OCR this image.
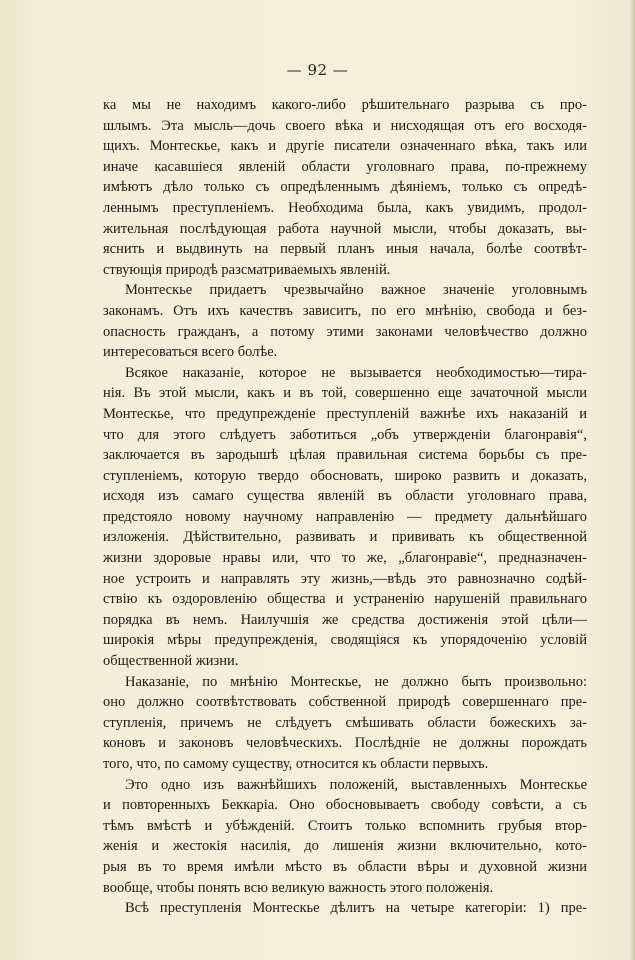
— 92 —
ка мы не находимъ какого-либо рѣшительнаго разрыва съ про-
шлымъ. Эта мысль—дочь своего вѣка и нисходящая отъ его восходя-
щихъ. Монтескье, какъ и другіе писатели означеннаго вѣка, такъ или
иначе касавшіеся явленій области уголовнаго права, по-прежнему
имѣютъ дѣло только съ опредѣленнымъ дѣяніемъ, только съ опредѣ-
леннымъ преступленіемъ. Необходима была, какъ увидимъ, продол-
жительная послѣдующая работа научной мысли, чтобы доказать, вы-
яснить и выдвинуть на первый планъ иныя начала, болѣе соотвѣт-
ствующія природѣ разсматриваемыхъ явленій.
Монтескье придаетъ чрезвычайно важное значеніе уголовнымъ
законамъ. Отъ ихъ качествъ зависитъ, по его мнѣнію, свобода и без-
опасность гражданъ, а потому этими законами человѣчество должно
интересоваться всего болѣе.
Всякое наказаніе, которое не вызывается необходимостью—тира-
нія. Въ этой мысли, какъ и въ той, совершенно еще зачаточной мысли
Монтескье, что предупрежденіе преступленій важнѣе ихъ наказаній и
что для этого слѣдуетъ заботиться „объ утвержденіи благонравія“,
заключается въ зародышѣ цѣлая правильная система борьбы съ пре-
ступленіемъ, которую твердо обосновать, широко развить и доказать,
исходя изъ самаго существа явленій въ области уголовнаго права,
предстояло новому научному направленію — предмету дальнѣйшаго
изложенія. Дѣйствительно, развивать и прививать къ общественной
жизни здоровые нравы или, что то же, „благонравіе“, предназначен-
ное устроить и направлять эту жизнь,—вѣдь это равнозначно содѣй-
ствію къ оздоровленію общества и устраненію нарушеній правильнаго
порядка въ немъ. Наилучшія же средства достиженія этой цѣли—
широкія мѣры предупрежденія, сводящіяся къ упорядоченію условій
общественной жизни.
Наказаніе, по мнѣнію Монтескье, не должно быть произвольно:
оно должно соотвѣтствовать собственной природѣ совершеннаго пре-
ступленія, причемъ не слѣдуетъ смѣшивать области божескихъ за-
коновъ и законовъ человѣческихъ. Послѣдніе не должны порождать
того, что, по самому существу, относится къ области первыхъ.
Это одно изъ важнѣйшихъ положеній, выставленныхъ Монтескье
и повторенныхъ Беккаріа. Оно обосновываетъ свободу совѣсти, а съ
тѣмъ вмѣстѣ и убѣжденій. Стоитъ только вспомнить грубыя втор-
женія и жестокія насилія, до лишенія жизни включительно, кото-
рыя въ то время имѣли мѣсто въ области вѣры и духовной жизни
вообще, чтобы понять всю великую важность этого положенія.
Всѣ преступленія Монтескье дѣлитъ на четыре категоріи: 1) пре-
